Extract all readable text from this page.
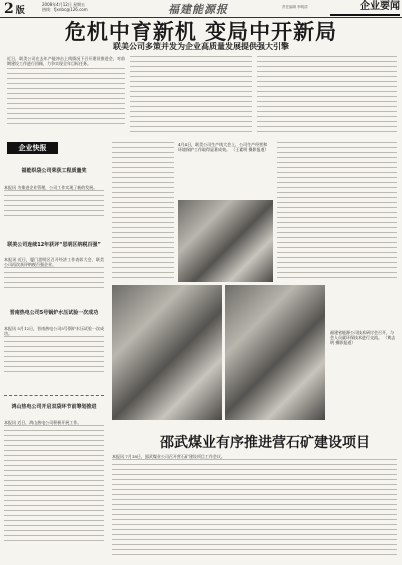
2 版
2008年4月12日 星期五
热线：fjxnbc@126.com	福建能源报	责任编辑 李明清	企业要闻
危机中育新机 变局中开新局
联美公司多策并发为企业高质量发展提供强大引擎
近日，联美公司在去年产能冲击上线情况下召开建设推进会，对前期建设工作进行回顾，力争实现全年目标任务。
企业快报
福能织袋公司荣获工程质量奖
本报讯 为推进企业管理，公司工作实现了新的发展。
联美公司连续12年获评“思明区纳税百强”
本报讯 近日，厦门思明区召开经济工作表彰大会，联美公司再次获评纳税百强企业。
晋南热电公司5号锅炉水压试验一次成功
本报讯 5月12日，晋南热电公司5号锅炉水压试验一次成功。
鸿山热电公司开启双袋环节前筹划推进
本报讯 近日，鸿山热电公司积极开展工作。
4月4日，联美公司生产线大会上，公司生产经营和环境保护工作取得显著成效。 （王素明 摄影报道）
福建省能源公司技术研讨会召开，与会人员就环保技术进行交流。 （黄志明 摄影报道）
邵武煤业有序推进营石矿建设项目
本报讯 7月18日，邵武煤业公司召开营石矿建设项目工作会议。
